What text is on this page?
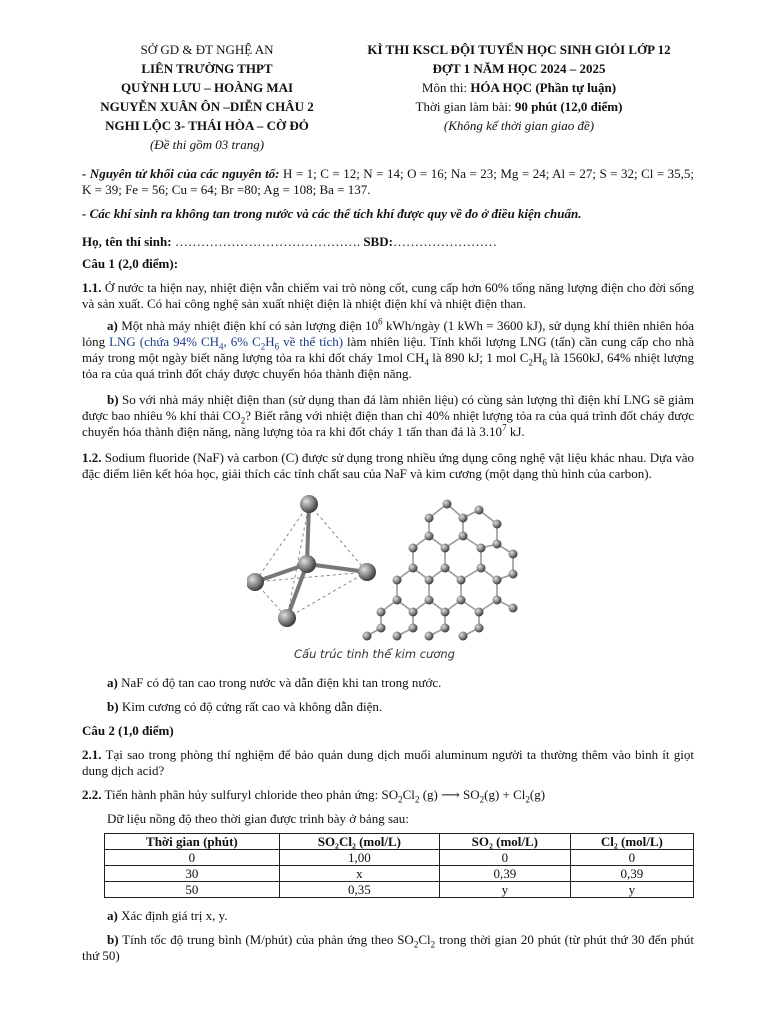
SỞ GD & ĐT NGHỆ AN
LIÊN TRƯỜNG THPT
QUỲNH LƯU – HOÀNG MAI
NGUYỄN XUÂN ÔN –DIỄN CHÂU 2
NGHI LỘC 3- THÁI HÒA – CỜ ĐỎ
(Đề thi gồm 03 trang)
KÌ THI KSCL ĐỘI TUYỂN HỌC SINH GIỎI LỚP 12
ĐỢT 1 NĂM HỌC 2024 – 2025
Môn thi: HÓA HỌC (Phần tự luận)
Thời gian làm bài: 90 phút (12,0 điểm)
(Không kể thời gian giao đề)

- Nguyên tử khối của các nguyên tố: H = 1; C = 12; N = 14; O = 16; Na = 23; Mg = 24; Al = 27; S = 32; Cl = 35,5; K = 39; Fe = 56; Cu = 64; Br =80; Ag = 108; Ba = 137.

- Các khí sinh ra không tan trong nước và các thể tích khí được quy về đo ở điều kiện chuẩn.

Họ, tên thí sinh: ……………………………………. SBD:……………………

Câu 1 (2,0 điểm):

1.1. Ở nước ta hiện nay, nhiệt điện vẫn chiếm vai trò nòng cốt, cung cấp hơn 60% tổng năng lượng điện cho đời sống và sản xuất. Có hai công nghệ sản xuất nhiệt điện là nhiệt điện khí và nhiệt điện than.

a) Một nhà máy nhiệt điện khí có sản lượng điện $10^6$ kWh/ngày (1 kWh = 3600 kJ), sử dụng khí thiên nhiên hóa lỏng LNG (chứa 94% $CH_4$, 6% $C_2H_6$ về thể tích) làm nhiên liệu. Tính khối lượng LNG (tấn) cần cung cấp cho nhà máy trong một ngày biết năng lượng tỏa ra khi đốt cháy 1mol $CH_4$ là 890 kJ; 1 mol $C_2H_6$ là 1560kJ, 64% nhiệt lượng tỏa ra của quá trình đốt cháy được chuyển hóa thành điện năng.

b) So với nhà máy nhiệt điện than (sử dụng than đá làm nhiên liệu) có cùng sản lượng thì điện khí LNG sẽ giảm được bao nhiêu % khí thải $CO_2$? Biết rằng với nhiệt điện than chỉ 40% nhiệt lượng tỏa ra của quá trình đốt cháy được chuyển hóa thành điện năng, năng lượng tỏa ra khi đốt cháy 1 tấn than đá là 3.10$^7$ kJ.

1.2. Sodium fluoride (NaF) và carbon (C) được sử dụng trong nhiều ứng dụng công nghệ vật liệu khác nhau. Dựa vào đặc điểm liên kết hóa học, giải thích các tính chất sau của NaF và kim cương (một dạng thù hình của carbon).

Cấu trúc tinh thể kim cương

a) NaF có độ tan cao trong nước và dẫn điện khi tan trong nước.

b) Kim cương có độ cứng rất cao và không dẫn điện.

Câu 2 (1,0 điểm)

2.1. Tại sao trong phòng thí nghiệm để bảo quản dung dịch muối aluminum người ta thường thêm vào bình ít giọt dung dịch acid?

2.2. Tiến hành phân hủy sulfuryl chloride theo phản ứng: $SO_2Cl_2$ (g) ⟶ $SO_2(g) + Cl_2(g)$

Dữ liệu nồng độ theo thời gian được trình bày ở bảng sau:

Thời gian (phút)	SO₂Cl₂ (mol/L)	SO₂ (mol/L)	Cl₂ (mol/L)
0	1,00	0	0
30	x	0,39	0,39
50	0,35	y	y

a) Xác định giá trị x, y.

b) Tính tốc độ trung bình (M/phút) của phản ứng theo $SO_2Cl_2$ trong thời gian 20 phút (từ phút thứ 30 đến phút thứ 50)
